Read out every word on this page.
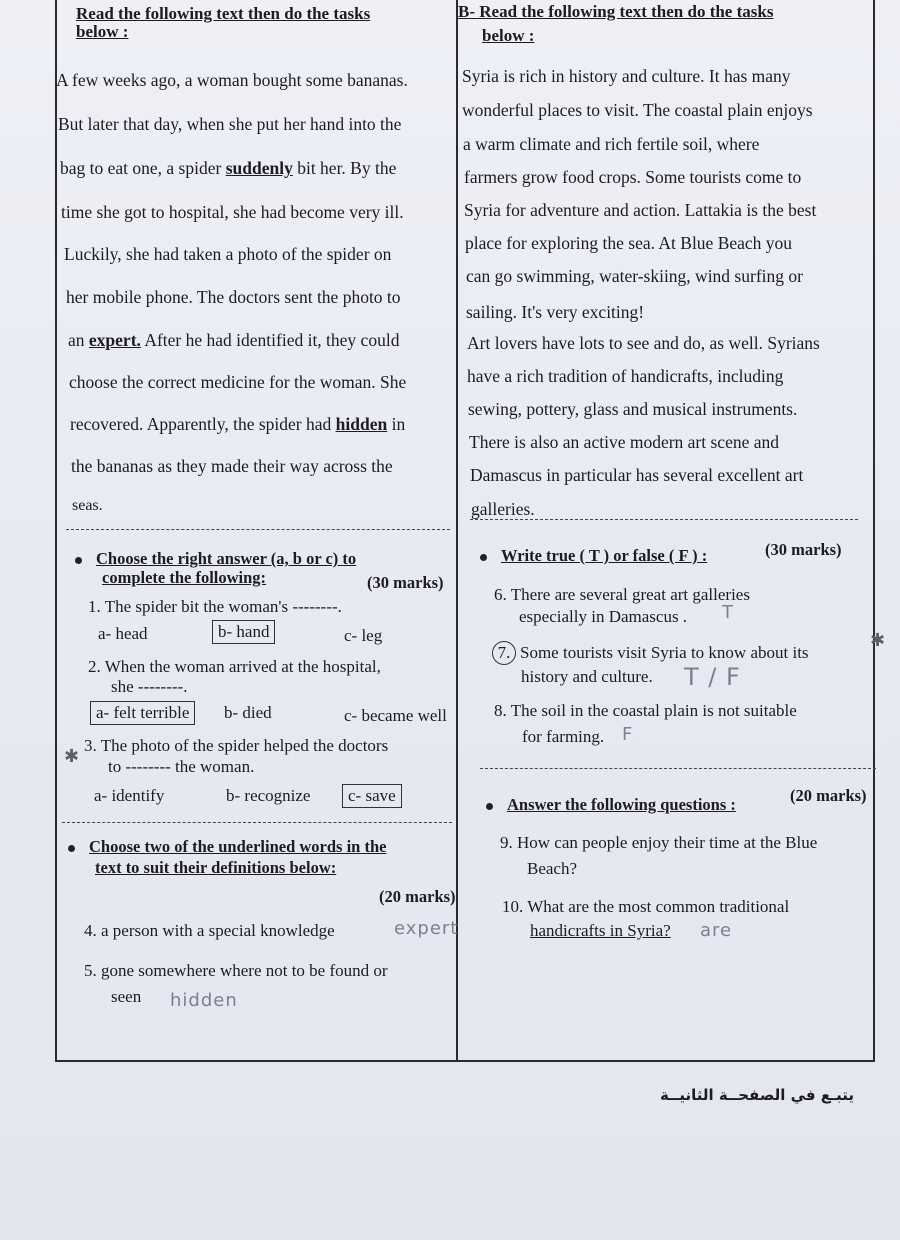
Read the following text then do the tasks
below :
A few weeks ago, a woman bought some bananas.
But later that day, when she put her hand into the
bag to eat one, a spider suddenly bit her. By the
time she got to hospital, she had become very ill.
Luckily, she had taken a photo of the spider on
her mobile phone. The doctors sent the photo to
an expert. After he had identified it, they could
choose the correct medicine for the woman. She
recovered. Apparently, the spider had hidden in
the bananas as they made their way across the
seas.
Choose the right answer (a, b or c) to
complete the following:	(30 marks)
1. The spider bit the woman's --------.
a- head	b- hand	c- leg
2. When the woman arrived at the hospital,
she --------.
a- felt terrible	b- died	c- became well
✱
3. The photo of the spider helped the doctors
to -------- the woman.
a- identify	b- recognize	c- save
Choose two of the underlined words in the
text to suit their definitions below:
(20 marks)
4. a person with a special knowledge	expert
5. gone somewhere where not to be found or
seen hidden
B- Read the following text then do the tasks
below :
Syria is rich in history and culture. It has many
wonderful places to visit. The coastal plain enjoys
a warm climate and rich fertile soil, where
farmers grow food crops. Some tourists come to
Syria for adventure and action. Lattakia is the best
place for exploring the sea. At Blue Beach you
can go swimming, water-skiing, wind surfing or
sailing. It's very exciting!
Art lovers have lots to see and do, as well. Syrians
have a rich tradition of handicrafts, including
sewing, pottery, glass and musical instruments.
There is also an active modern art scene and
Damascus in particular has several excellent art
galleries.
Write true ( T ) or false ( F ) :	(30 marks)
6. There are several great art galleries
especially in Damascus . T
7. Some tourists visit Syria to know about its
history and culture. T / F
✱
8. The soil in the coastal plain is not suitable
for farming. F
Answer the following questions :	(20 marks)
9. How can people enjoy their time at the Blue
Beach?
10. What are the most common traditional
handicrafts in Syria? are
يتبـع في الصفحــة الثانيــة
